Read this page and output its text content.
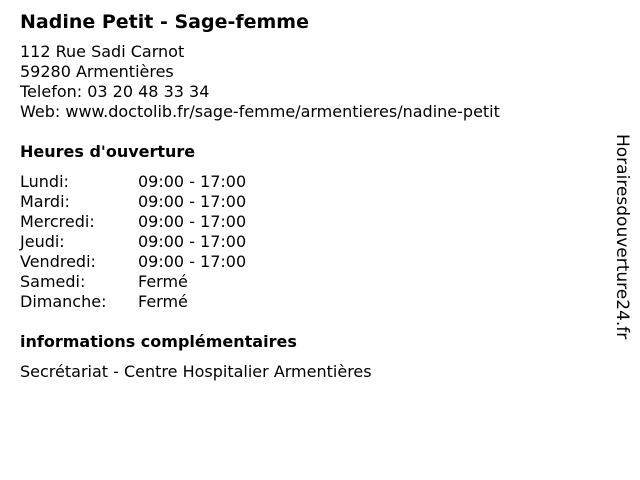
Nadine Petit - Sage-femme
112 Rue Sadi Carnot
59280 Armentières
Telefon: 03 20 48 33 34
Web: www.doctolib.fr/sage-femme/armentieres/nadine-petit
Heures d'ouverture
Lundi:	09:00 - 17:00
Mardi:	09:00 - 17:00
Mercredi:	09:00 - 17:00
Jeudi:	09:00 - 17:00
Vendredi:	09:00 - 17:00
Samedi:	Fermé
Dimanche:	Fermé
informations complémentaires
Secrétariat - Centre Hospitalier Armentières
Horairesdouverture24.fr
